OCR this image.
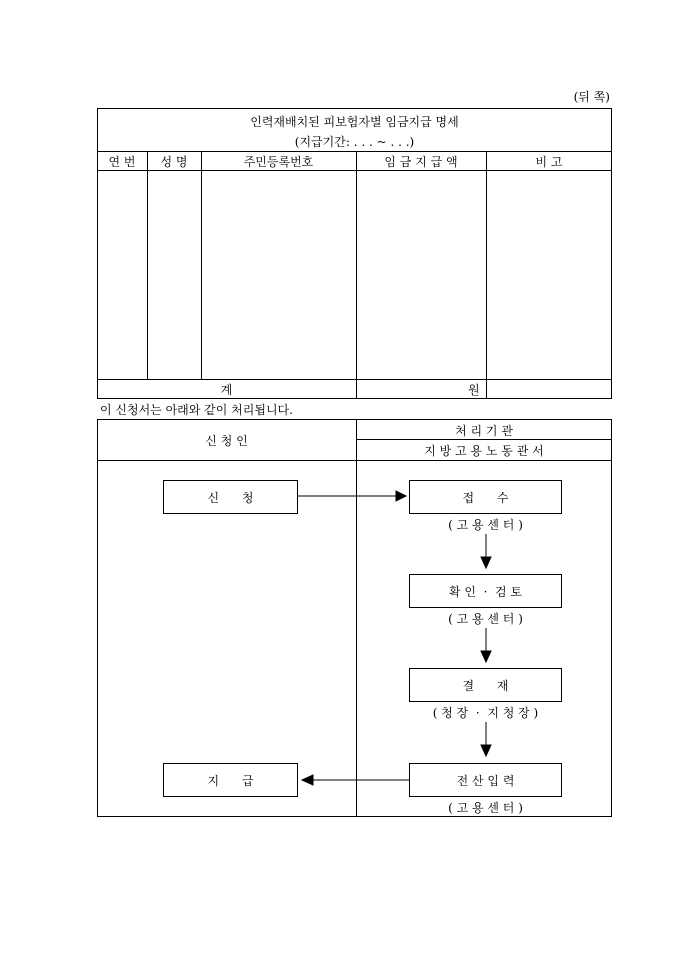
(뒤 쪽)
인력재배치된 피보험자별 임금지급 명세
(지급기간: . . . ~ . . .)
연 번	성 명	주민등록번호	임 금 지 급 액	비 고
계	원
이 신청서는 아래와 같이 처리됩니다.
신 청 인
처 리 기 관
지 방 고 용 노 동 관 서
신      청
지      급
접      수
( 고 용 센 터 )
확 인  ·  검 토
( 고 용 센 터 )
결      재
( 청 장  ·  지 청 장 )
전 산 입 력
( 고 용 센 터 )
